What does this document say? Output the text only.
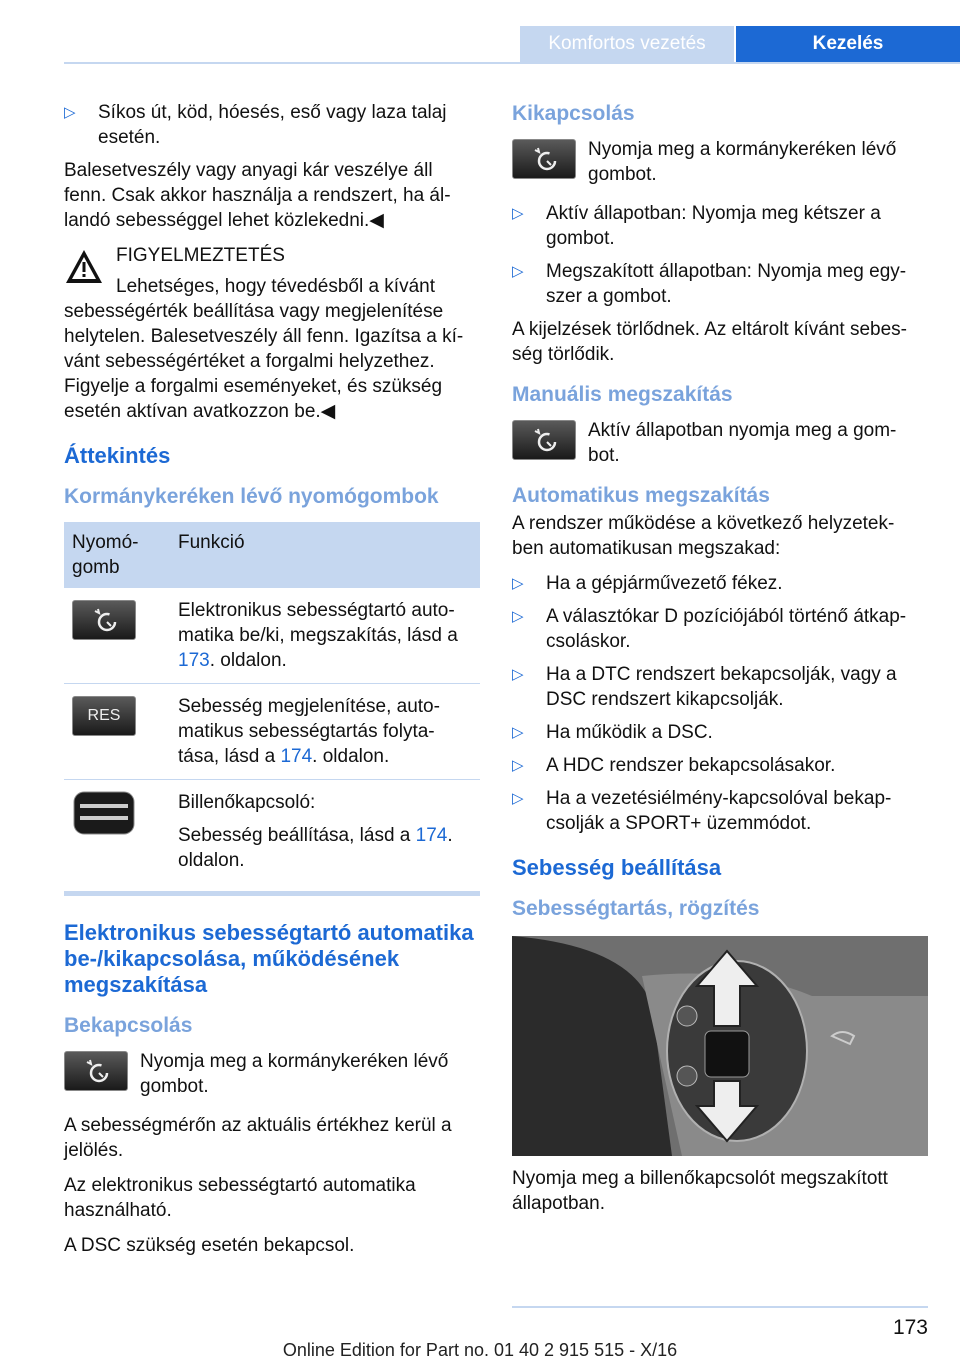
Komfortos vezetés	Kezelés
▷ Síkos út, köd, hóesés, eső vagy laza talaj esetén.

Balesetveszély vagy anyagi kár veszélye áll fenn. Csak akkor használja a rendszert, ha ál‐ landó sebességgel lehet közlekedni.◀

FIGYELMEZTETÉS
Lehetséges, hogy tévedésből a kívánt sebességérték beállítása vagy megjelenítése helytelen. Balesetveszély áll fenn. Igazítsa a kí‐ vánt sebességértéket a forgalmi helyzethez. Figyelje a forgalmi eseményeket, és szükség esetén aktívan avatkozzon be.◀
Áttekintés
Kormánykeréken lévő nyomógombok
Nyomó‐ gomb	Funkció

	Elektronikus sebességtartó auto‐ matika be/ki, megszakítás, lásd a 173. oldalon.

RES	Sebesség megjelenítése, auto‐ matikus sebességtartás folyta‐ tása, lásd a 174. oldalon.

Billenőkapcsoló:
Sebesség beállítása, lásd a 174. oldalon.
Elektronikus sebességtartó automatika be-/kikapcsolása, működésének megszakítása
Bekapcsolás
Nyomja meg a kormánykeréken lévő gombot.

A sebességmérőn az aktuális értékhez kerül a jelölés.

Az elektronikus sebességtartó automatika használható.

A DSC szükség esetén bekapcsol.

Kikapcsolás
Nyomja meg a kormánykeréken lévő gombot.
▷ Aktív állapotban: Nyomja meg kétszer a gombot.
▷ Megszakított állapotban: Nyomja meg egy‐ szer a gombot.

A kijelzések törlődnek. Az eltárolt kívánt sebes‐ ség törlődik.

Manuális megszakítás
Aktív állapotban nyomja meg a gom‐ bot.
Automatikus megszakítás

A rendszer működése a következő helyzetek‐ ben automatikusan megszakad:

▷ Ha a gépjárművezető fékez.
▷ A választókar D pozíciójából történő átkap‐ csoláskor.
▷ Ha a DTC rendszert bekapcsolják, vagy a DSC rendszert kikapcsolják.
▷ Ha működik a DSC.
▷ A HDC rendszer bekapcsolásakor.
▷ Ha a vezetésiélmény-kapcsolóval bekap‐ csolják a SPORT+ üzemmódot.
Sebesség beállítása
Sebességtartás, rögzítés

Nyomja meg a billenőkapcsolót megszakított állapotban.

173
Online Edition for Part no. 01 40 2 915 515 - X/16
